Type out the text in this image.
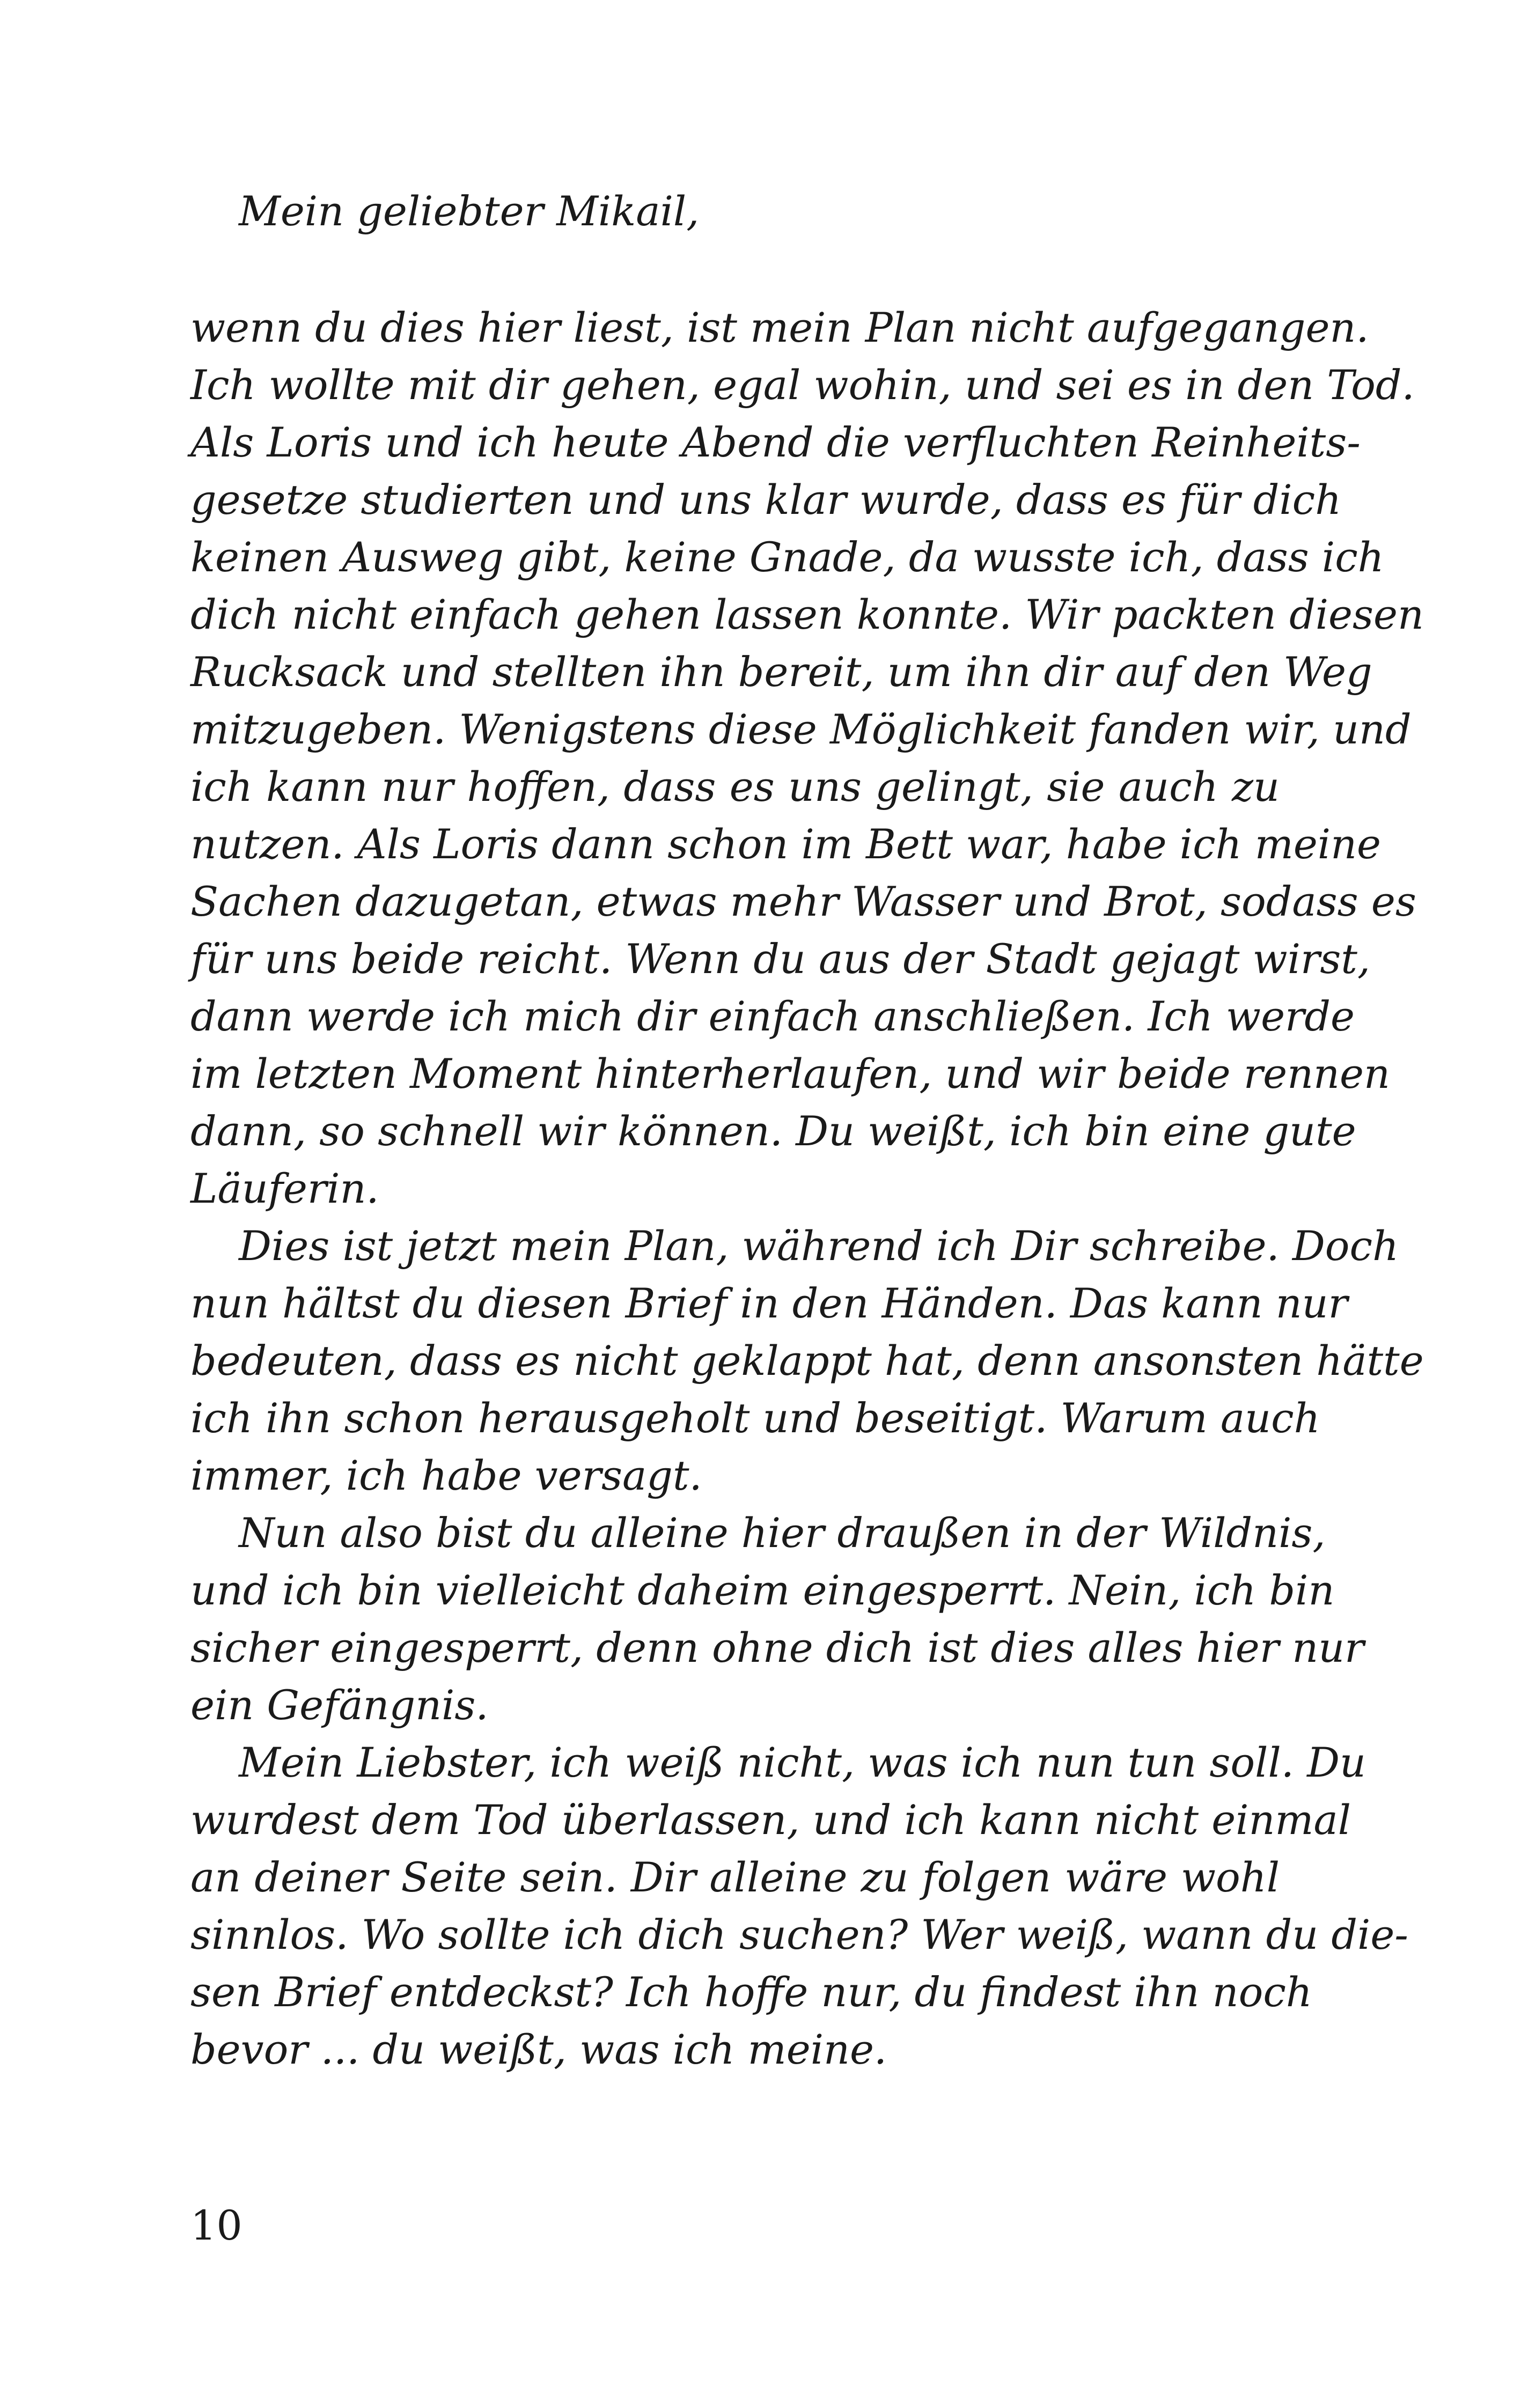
Mein geliebter Mikail,

wenn du dies hier liest, ist mein Plan nicht aufgegangen.
Ich wollte mit dir gehen, egal wohin, und sei es in den Tod.
Als Loris und ich heute Abend die verfluchten Reinheits-
gesetze studierten und uns klar wurde, dass es für dich
keinen Ausweg gibt, keine Gnade, da wusste ich, dass ich
dich nicht einfach gehen lassen konnte. Wir packten diesen
Rucksack und stellten ihn bereit, um ihn dir auf den Weg
mitzugeben. Wenigstens diese Möglichkeit fanden wir, und
ich kann nur hoffen, dass es uns gelingt, sie auch zu
nutzen. Als Loris dann schon im Bett war, habe ich meine
Sachen dazugetan, etwas mehr Wasser und Brot, sodass es
für uns beide reicht. Wenn du aus der Stadt gejagt wirst,
dann werde ich mich dir einfach anschließen. Ich werde
im letzten Moment hinterherlaufen, und wir beide rennen
dann, so schnell wir können. Du weißt, ich bin eine gute
Läuferin.
Dies ist jetzt mein Plan, während ich Dir schreibe. Doch
nun hältst du diesen Brief in den Händen. Das kann nur
bedeuten, dass es nicht geklappt hat, denn ansonsten hätte
ich ihn schon herausgeholt und beseitigt. Warum auch
immer, ich habe versagt.
Nun also bist du alleine hier draußen in der Wildnis,
und ich bin vielleicht daheim eingesperrt. Nein, ich bin
sicher eingesperrt, denn ohne dich ist dies alles hier nur
ein Gefängnis.
Mein Liebster, ich weiß nicht, was ich nun tun soll. Du
wurdest dem Tod überlassen, und ich kann nicht einmal
an deiner Seite sein. Dir alleine zu folgen wäre wohl
sinnlos. Wo sollte ich dich suchen? Wer weiß, wann du die-
sen Brief entdeckst? Ich hoffe nur, du findest ihn noch
bevor ... du weißt, was ich meine.
10
